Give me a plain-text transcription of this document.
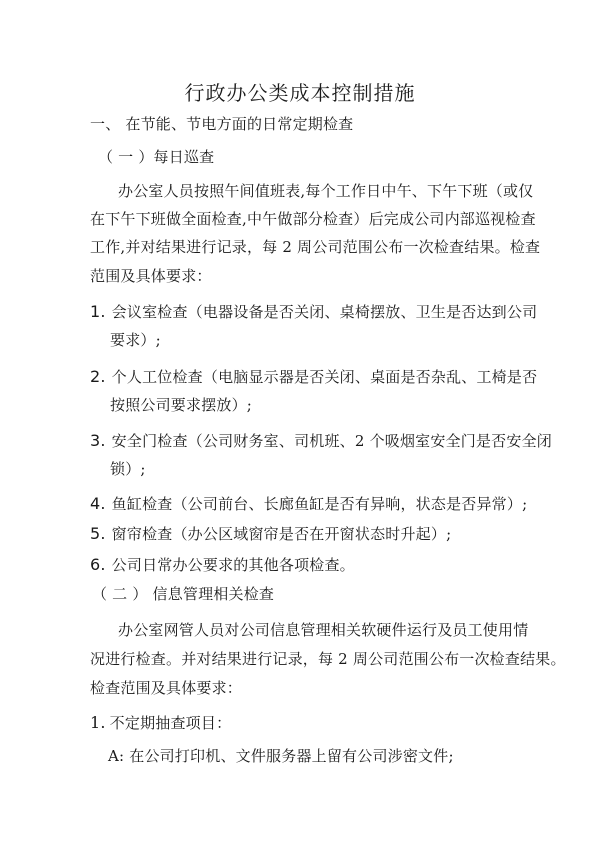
行政办公类成本控制措施
一、 在节能、节电方面的日常定期检查
（ 一 ）每日巡查
办公室人员按照午间值班表,每个工作日中午、下午下班（或仅
在下午下班做全面检查,中午做部分检查）后完成公司内部巡视检查
工作,并对结果进行记录，每 2 周公司范围公布一次检查结果。检查
范围及具体要求：
1. 会议室检查（电器设备是否关闭、桌椅摆放、卫生是否达到公司
要求）;
2. 个人工位检查（电脑显示器是否关闭、桌面是否杂乱、工椅是否
按照公司要求摆放）;
3. 安全门检查（公司财务室、司机班、2 个吸烟室安全门是否安全闭
锁）;
4. 鱼缸检查（公司前台、长廊鱼缸是否有异响，状态是否异常）;
5. 窗帘检查（办公区域窗帘是否在开窗状态时升起）;
6. 公司日常办公要求的其他各项检查。
（ 二 ） 信息管理相关检查
办公室网管人员对公司信息管理相关软硬件运行及员工使用情
况进行检查。并对结果进行记录，每 2 周公司范围公布一次检查结果。
检查范围及具体要求：
1. 不定期抽查项目：
A: 在公司打印机、文件服务器上留有公司涉密文件;
